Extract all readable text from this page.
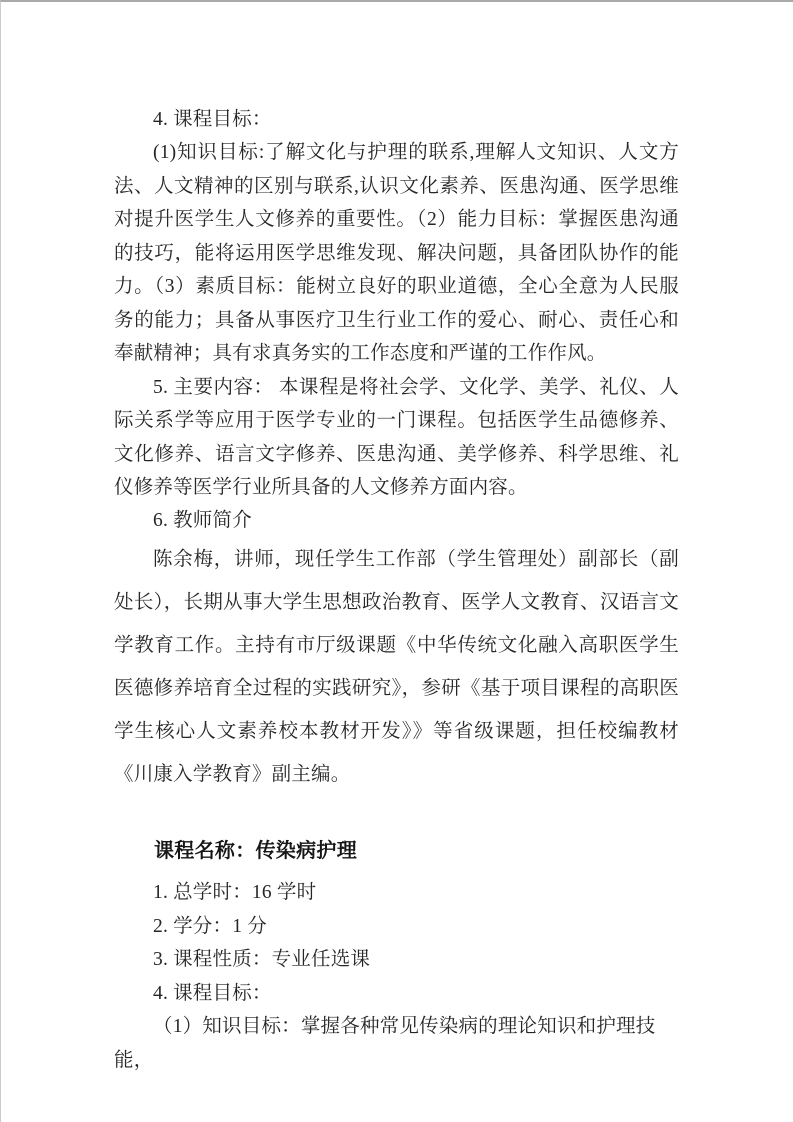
4. 课程目标：

(1)知识目标:了解文化与护理的联系,理解人文知识、人文方法、人文精神的区别与联系,认识文化素养、医患沟通、医学思维对提升医学生人文修养的重要性。（2）能力目标：掌握医患沟通的技巧，能将运用医学思维发现、解决问题，具备团队协作的能力。（3）素质目标：能树立良好的职业道德，全心全意为人民服务的能力；具备从事医疗卫生行业工作的爱心、耐心、责任心和奉献精神；具有求真务实的工作态度和严谨的工作作风。

5. 主要内容： 本课程是将社会学、文化学、美学、礼仪、人际关系学等应用于医学专业的一门课程。包括医学生品德修养、文化修养、语言文字修养、医患沟通、美学修养、科学思维、礼仪修养等医学行业所具备的人文修养方面内容。

6. 教师简介

陈余梅，讲师，现任学生工作部（学生管理处）副部长（副处长），长期从事大学生思想政治教育、医学人文教育、汉语言文学教育工作。主持有市厅级课题《中华传统文化融入高职医学生医德修养培育全过程的实践研究》，参研《基于项目课程的高职医学生核心人文素养校本教材开发》》等省级课题，担任校编教材《川康入学教育》副主编。

课程名称：传染病护理

1. 总学时：16 学时

2. 学分：1 分

3. 课程性质：专业任选课

4. 课程目标：

（1）知识目标：掌握各种常见传染病的理论知识和护理技能，
